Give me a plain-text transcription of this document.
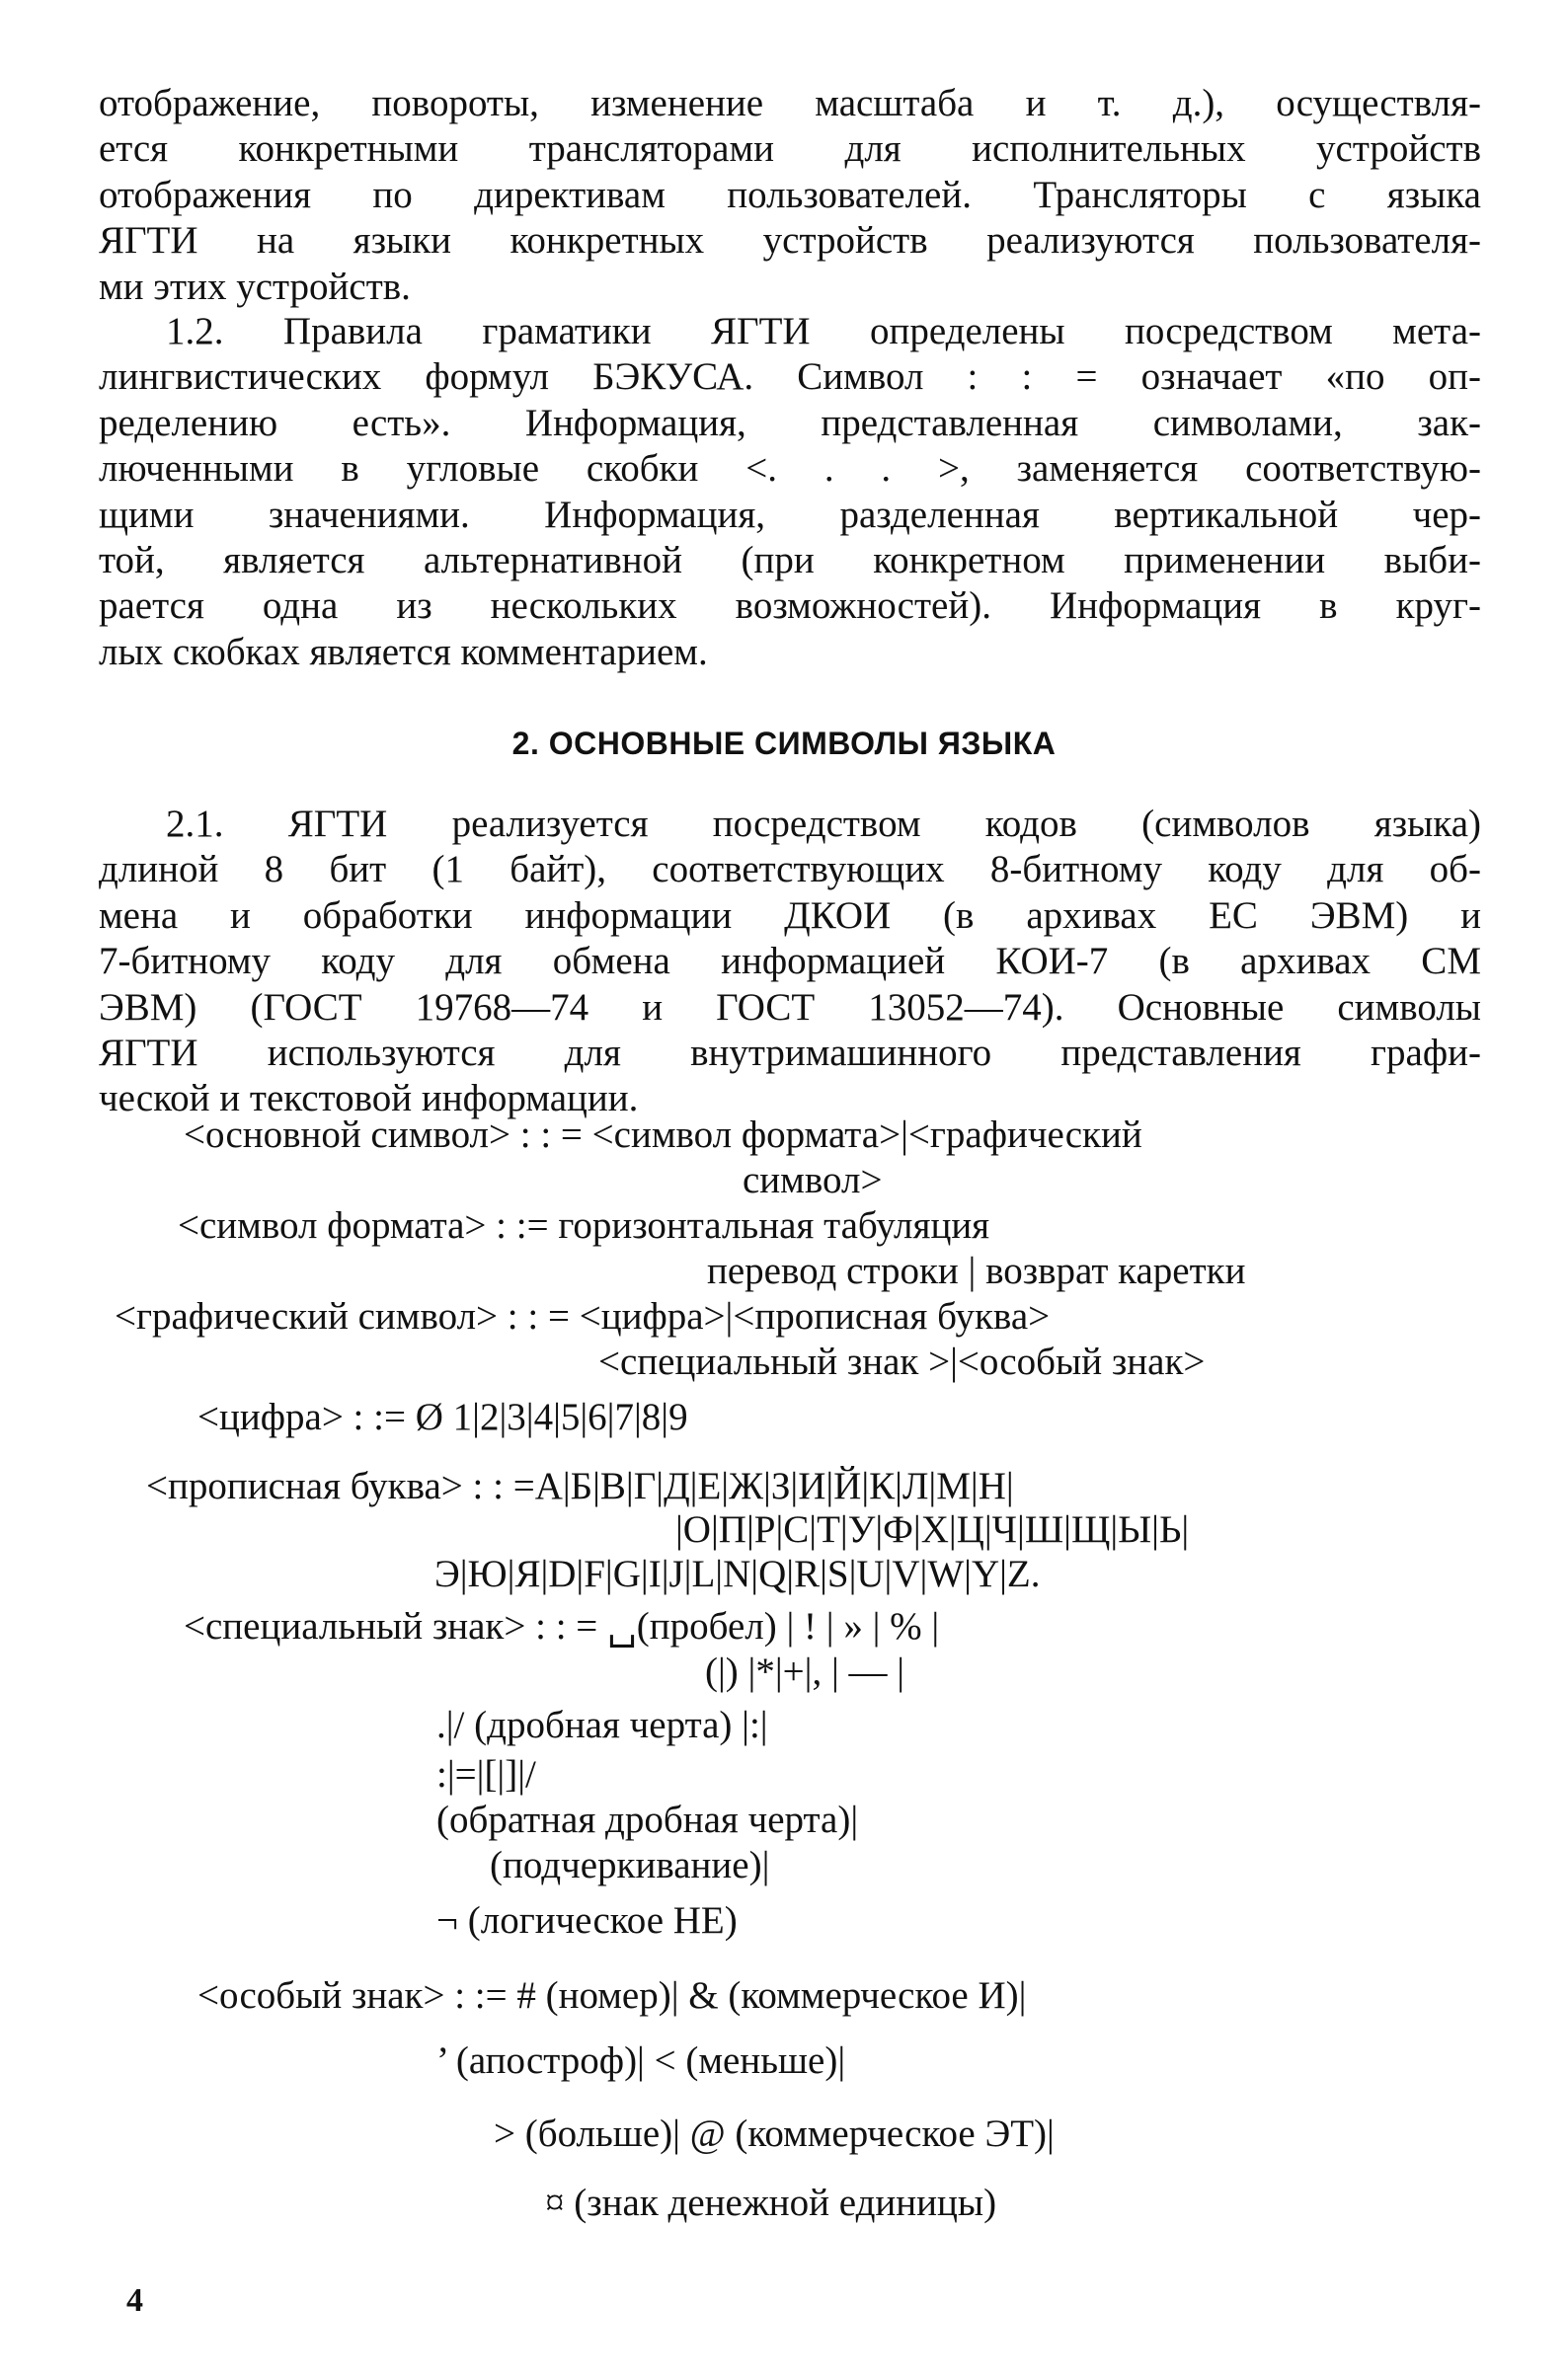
отображение, повороты, изменение масштаба и т. д.), осуществля-
ется конкретными трансляторами для исполнительных устройств
отображения по директивам пользователей. Трансляторы с языка
ЯГТИ на языки конкретных устройств реализуются пользователя-
ми этих устройств.
1.2. Правила граматики ЯГТИ определены посредством мета-
лингвистических формул БЭКУСА. Символ : : = означает «по оп-
ределению есть». Информация, представленная символами, зак-
люченными в угловые скобки <. . . >, заменяется соответствую-
щими значениями. Информация, разделенная вертикальной чер-
той, является альтернативной (при конкретном применении выби-
рается одна из нескольких возможностей). Информация в круг-
лых скобках является комментарием.
2. ОСНОВНЫЕ СИМВОЛЫ ЯЗЫКА
2.1. ЯГТИ реализуется посредством кодов (символов языка)
длиной 8 бит (1 байт), соответствующих 8-битному коду для об-
мена и обработки информации ДКОИ (в архивах ЕС ЭВМ) и
7-битному коду для обмена информацией КОИ-7 (в архивах СМ
ЭВМ) (ГОСТ 19768—74 и ГОСТ 13052—74). Основные символы
ЯГТИ используются для внутримашинного представления графи-
ческой и текстовой информации.
<основной символ> : : = <символ формата>|<графический
символ>
<символ формата> : := горизонтальная табуляция
перевод строки | возврат каретки
<графический символ> : : = <цифра>|<прописная буква>
<специальный знак >|<особый знак>
<цифра> : := Ø 1|2|3|4|5|6|7|8|9
<прописная буква> : : =А|Б|В|Г|Д|Е|Ж|З|И|Й|К|Л|М|Н|
|О|П|Р|С|Т|У|Ф|Х|Ц|Ч|Ш|Щ|Ы|Ь|
Э|Ю|Я|D|F|G|I|J|L|N|Q|R|S|U|V|W|Y|Z.
<специальный знак> : : = ␣(пробел) | ! | » | % |
(|) |*|+|, | — |
.|/ (дробная черта) |:|
:|=|[|]|/
(обратная дробная черта)|
(подчеркивание)|
¬ (логическое НЕ)
<особый знак> : := # (номер)| & (коммерческое И)|
’ (апостроф)| < (меньше)|
> (больше)| @ (коммерческое ЭТ)|
¤ (знак денежной единицы)
4
